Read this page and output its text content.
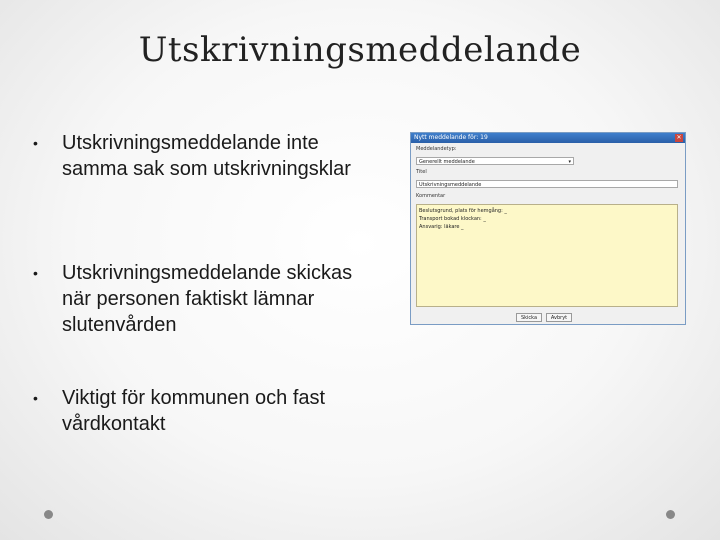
Utskrivningsmeddelande
• Utskrivningsmeddelande inte samma sak som utskrivningsklar
• Utskrivningsmeddelande skickas när personen faktiskt lämnar slutenvården
• Viktigt för kommunen och fast vårdkontakt
Nytt meddelande för: 19	✕
Meddelandetyp:
Generellt meddelande	▾
Titel
Utskrivningsmeddelande
Kommentar
Beslutsgrund, plats för hemgång: _
Transport bokad klockan: _
Ansvarig: läkare _
Skicka	Avbryt
